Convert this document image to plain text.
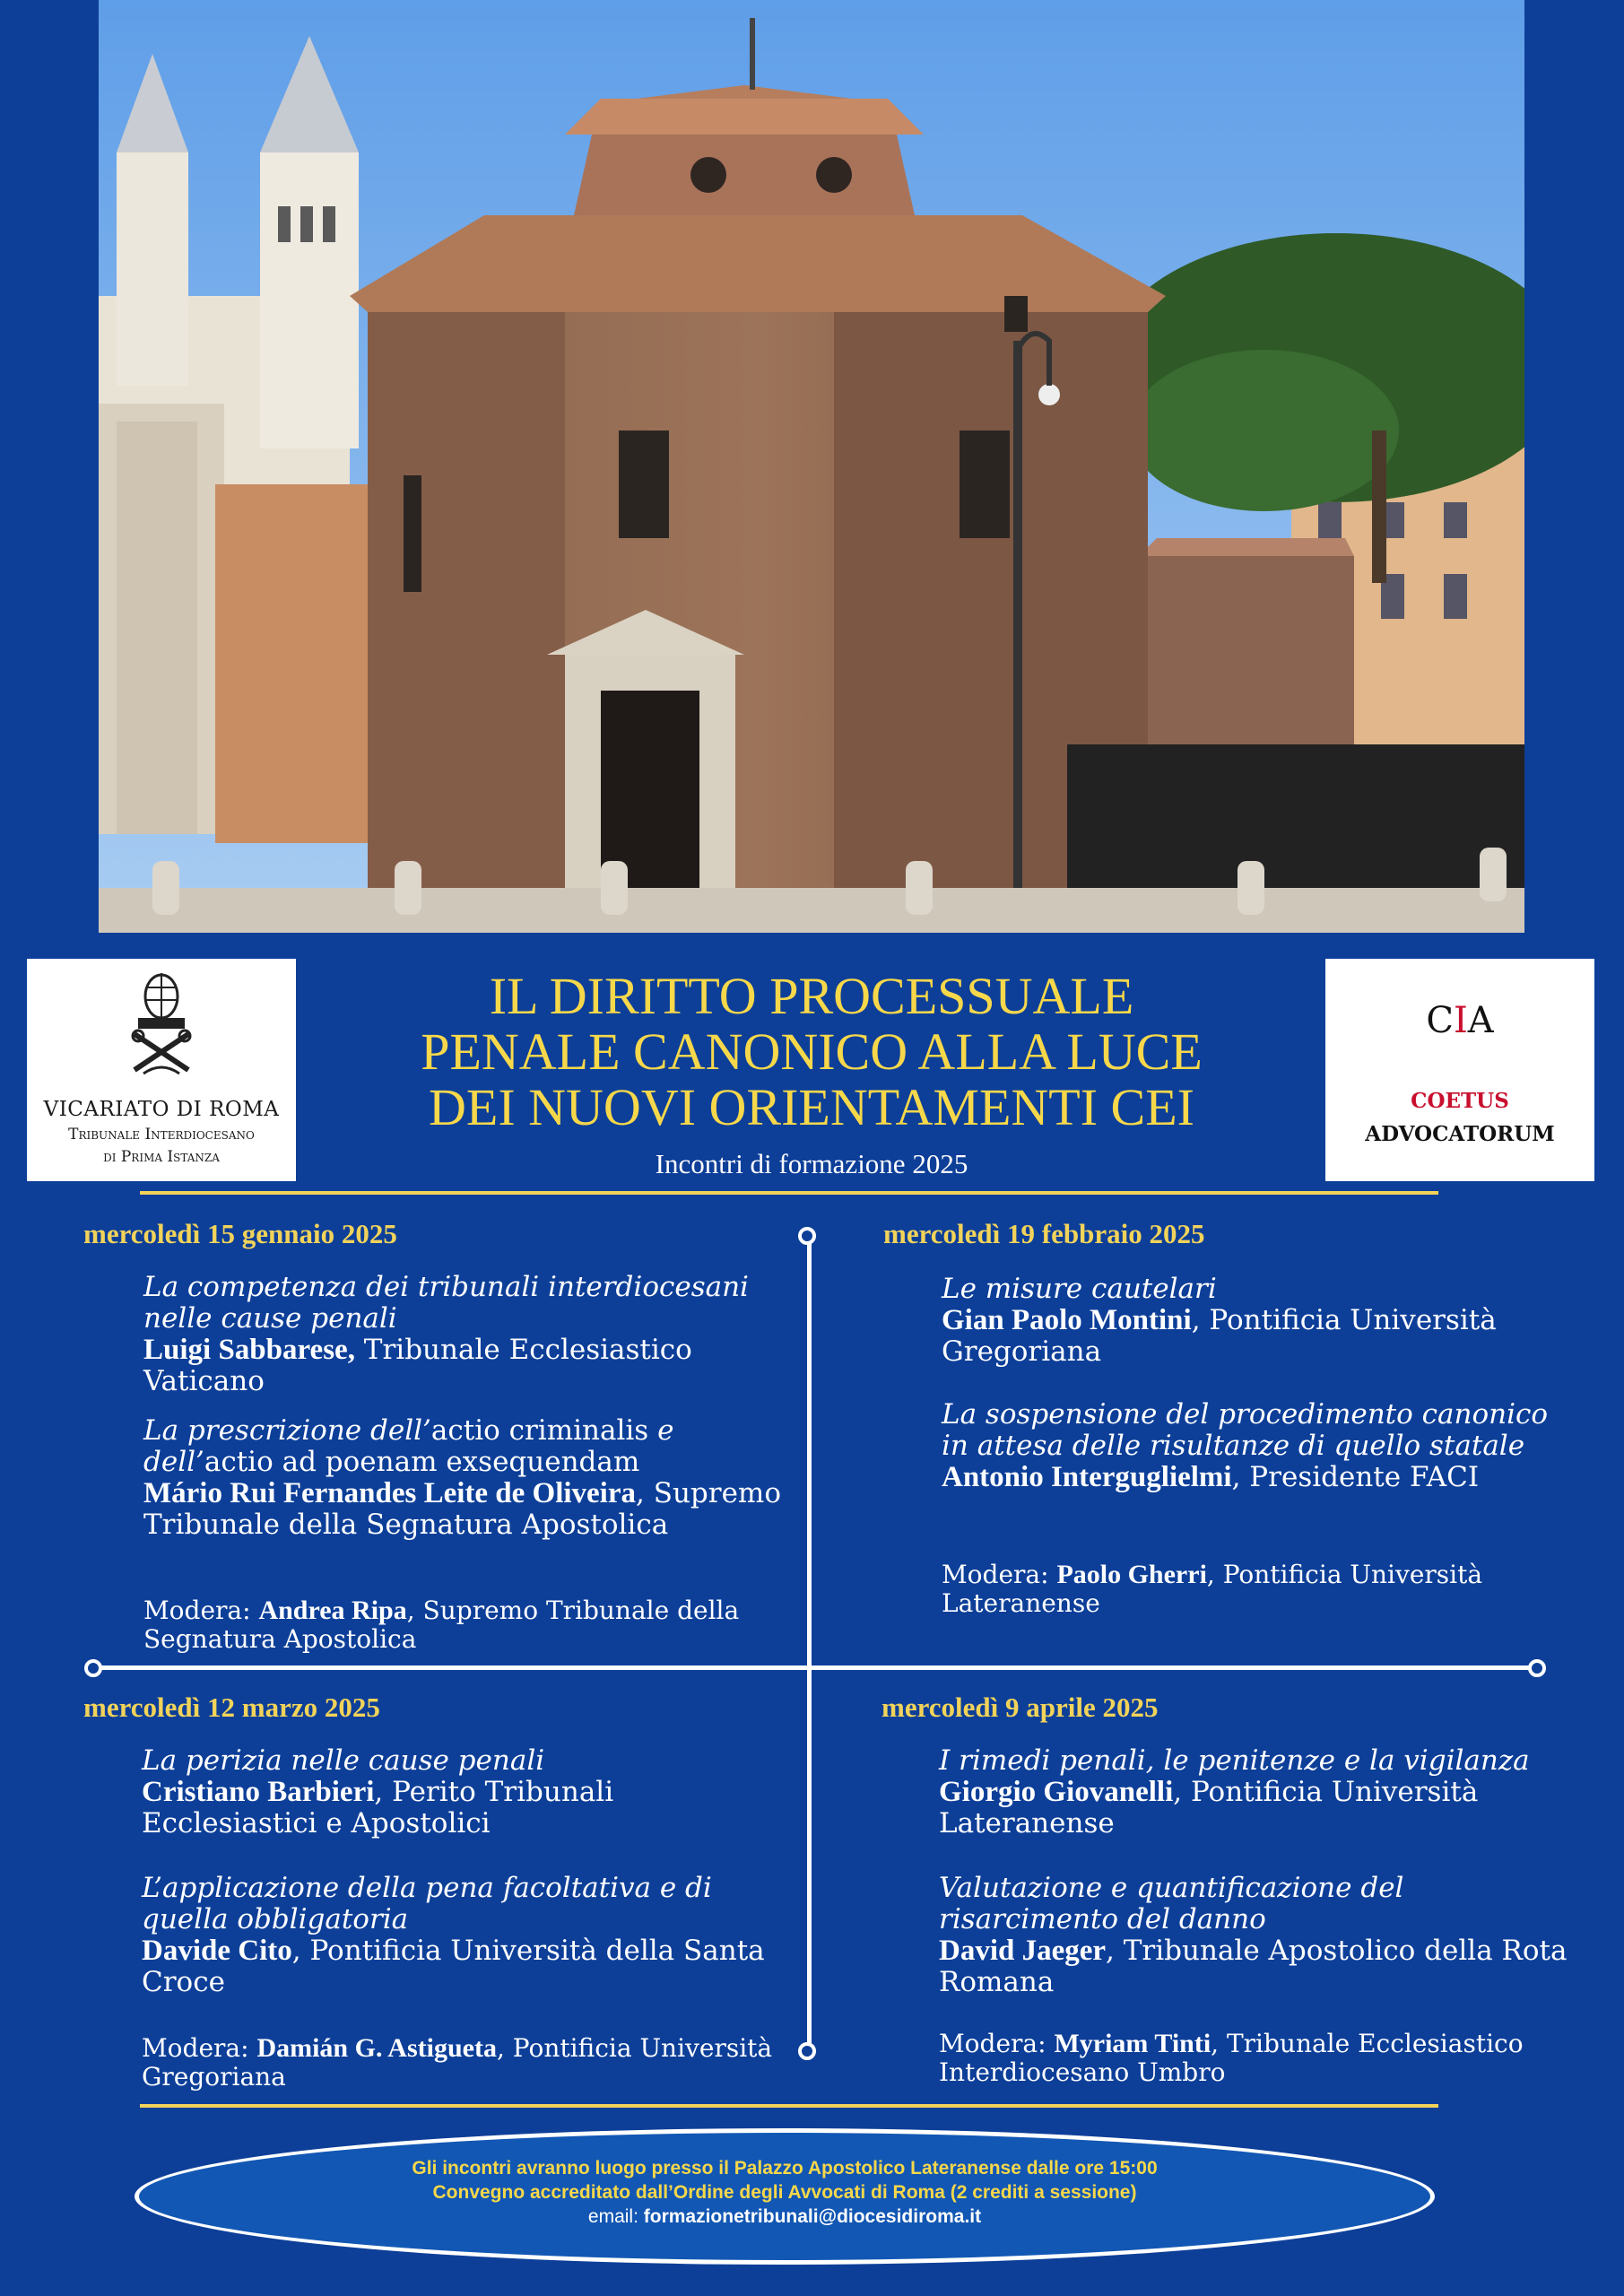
VICARIATO DI ROMA
Tribunale Interdiocesano
di Prima Istanza
CIA
COETUS
ADVOCATORUM
IL DIRITTO PROCESSUALE
PENALE CANONICO ALLA LUCE
DEI NUOVI ORIENTAMENTI CEI
Incontri di formazione 2025
mercoledì 15 gennaio 2025
La competenza dei tribunali interdiocesani nelle cause penali
Luigi Sabbarese, Tribunale Ecclesiastico Vaticano
La prescrizione dell’actio criminalis e dell’actio ad poenam exsequendam
Mário Rui Fernandes Leite de Oliveira, Supremo Tribunale della Segnatura Apostolica
Modera: Andrea Ripa, Supremo Tribunale della Segnatura Apostolica
mercoledì 19 febbraio 2025
Le misure cautelari
Gian Paolo Montini, Pontificia Università Gregoriana
La sospensione del procedimento canonico in attesa delle risultanze di quello statale
Antonio Interguglielmi, Presidente FACI
Modera: Paolo Gherri, Pontificia Università Lateranense
mercoledì 12 marzo 2025
La perizia nelle cause penali
Cristiano Barbieri, Perito Tribunali Ecclesiastici e Apostolici
L’applicazione della pena facoltativa e di quella obbligatoria
Davide Cito, Pontificia Università della Santa Croce
Modera: Damián G. Astigueta, Pontificia Università Gregoriana
mercoledì 9 aprile 2025
I rimedi penali, le penitenze e la vigilanza
Giorgio Giovanelli, Pontificia Università Lateranense
Valutazione e quantificazione del risarcimento del danno
David Jaeger, Tribunale Apostolico della Rota Romana
Modera: Myriam Tinti, Tribunale Ecclesiastico Interdiocesano Umbro
Gli incontri avranno luogo presso il Palazzo Apostolico Lateranense dalle ore 15:00
Convegno accreditato dall’Ordine degli Avvocati di Roma (2 crediti a sessione)
email: formazionetribunali@diocesidiroma.it
